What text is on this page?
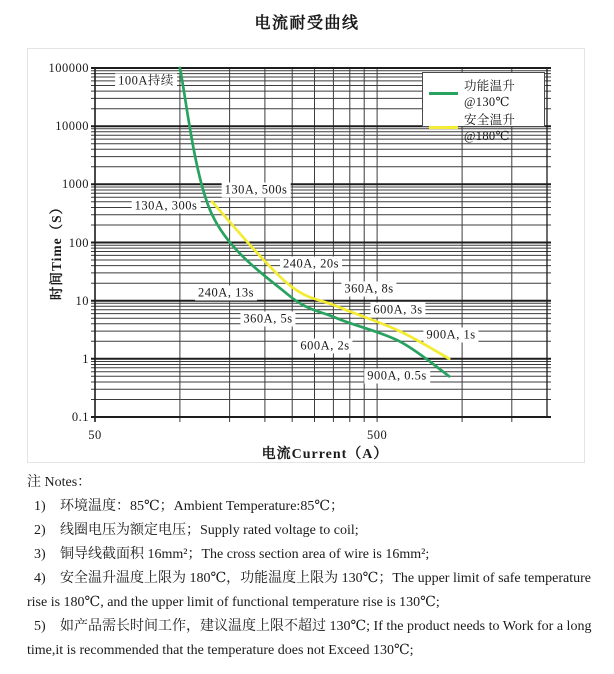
电流耐受曲线
时间Time（S）
电流Current（A）
100000
10000
1000
100
10
1
0.1
50	500
100A持续
130A, 500s
130A, 300s
240A, 20s
240A, 13s	360A, 8s
600A, 3s
360A, 5s
900A, 1s
600A, 2s
900A, 0.5s
功能温升@130℃
安全温升@180℃
注 Notes：
1) 环境温度：85℃；Ambient Temperature:85℃；
2) 线圈电压为额定电压；Supply rated voltage to coil;
3) 铜导线截面积 16mm²；The cross section area of wire is 16mm²;
4) 安全温升温度上限为 180℃，功能温度上限为 130℃；The upper limit of safe temperature rise is 180℃, and the upper limit of functional temperature rise is 130℃;
5) 如产品需长时间工作，建议温度上限不超过 130℃; If the product needs to Work for a long time,it is recommended that the temperature does not Exceed 130℃;
